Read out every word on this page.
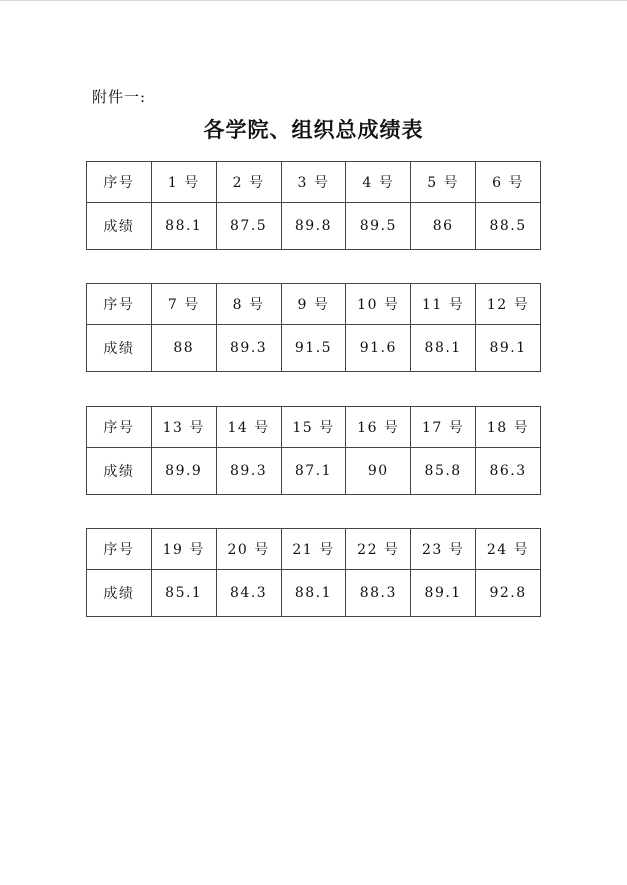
附件一:
各学院、组织总成绩表
序号	1 号	2 号	3 号	4 号	5 号	6 号
成绩	88.1	87.5	89.8	89.5	86	88.5
序号	7 号	8 号	9 号	10 号	11 号	12 号
成绩	88	89.3	91.5	91.6	88.1	89.1
序号	13 号	14 号	15 号	16 号	17 号	18 号
成绩	89.9	89.3	87.1	90	85.8	86.3
序号	19 号	20 号	21 号	22 号	23 号	24 号
成绩	85.1	84.3	88.1	88.3	89.1	92.8
